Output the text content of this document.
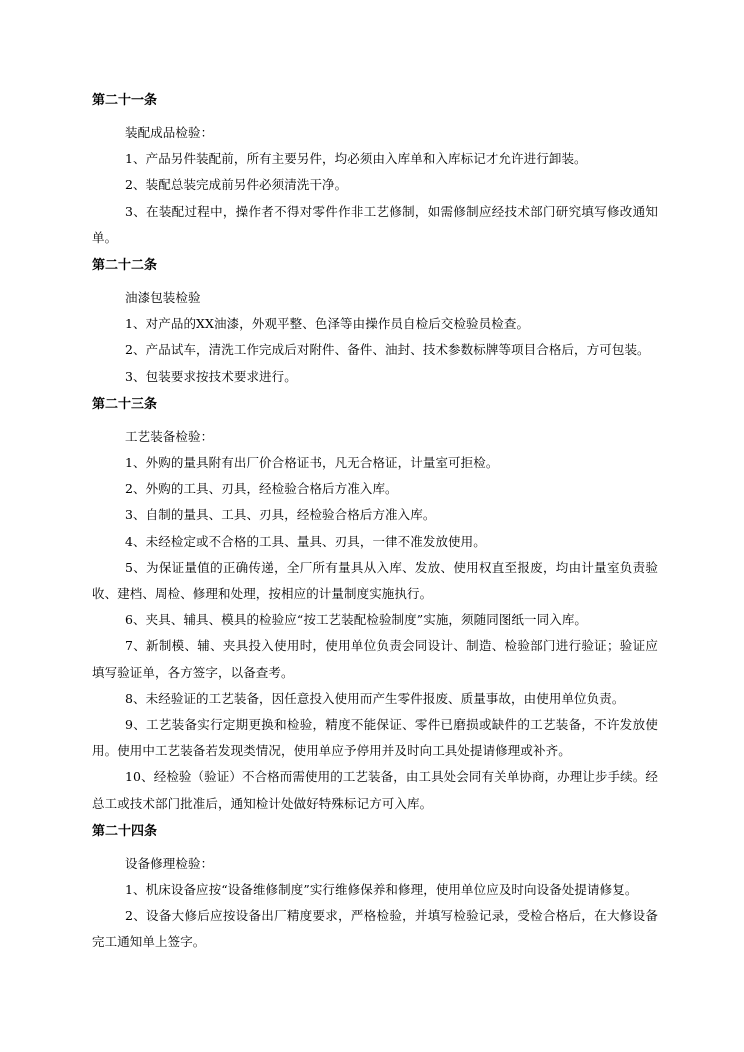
第二十一条

装配成品检验：

1、产品另件装配前，所有主要另件，均必须由入库单和入库标记才允许进行卸装。

2、装配总装完成前另件必须清洗干净。

3、在装配过程中，操作者不得对零件作非工艺修制，如需修制应经技术部门研究填写修改通知单。

第二十二条

油漆包装检验

1、对产品的XX油漆，外观平整、色泽等由操作员自检后交检验员检查。

2、产品试车，清洗工作完成后对附件、备件、油封、技术参数标牌等项目合格后，方可包装。

3、包装要求按技术要求进行。

第二十三条

工艺装备检验：

1、外购的量具附有出厂价合格证书，凡无合格证，计量室可拒检。

2、外购的工具、刃具，经检验合格后方准入库。

3、自制的量具、工具、刃具，经检验合格后方准入库。

4、未经检定或不合格的工具、量具、刃具，一律不准发放使用。

5、为保证量值的正确传递，全厂所有量具从入库、发放、使用权直至报废，均由计量室负责验收、建档、周检、修理和处理，按相应的计量制度实施执行。

6、夹具、辅具、模具的检验应“按工艺装配检验制度”实施，须随同图纸一同入库。

7、新制模、辅、夹具投入使用时，使用单位负责会同设计、制造、检验部门进行验证；验证应填写验证单，各方签字，以备查考。

8、未经验证的工艺装备，因任意投入使用而产生零件报废、质量事故，由使用单位负责。

9、工艺装备实行定期更换和检验，精度不能保证、零件已磨损或缺件的工艺装备，不许发放使用。使用中工艺装备若发现类情况，使用单应予停用并及时向工具处提请修理或补齐。

10、经检验（验证）不合格而需使用的工艺装备，由工具处会同有关单协商，办理让步手续。经总工或技术部门批准后，通知检计处做好特殊标记方可入库。

第二十四条

设备修理检验：

1、机床设备应按“设备维修制度”实行维修保养和修理，使用单位应及时向设备处提请修复。

2、设备大修后应按设备出厂精度要求，严格检验，并填写检验记录，受检合格后，在大修设备完工通知单上签字。
